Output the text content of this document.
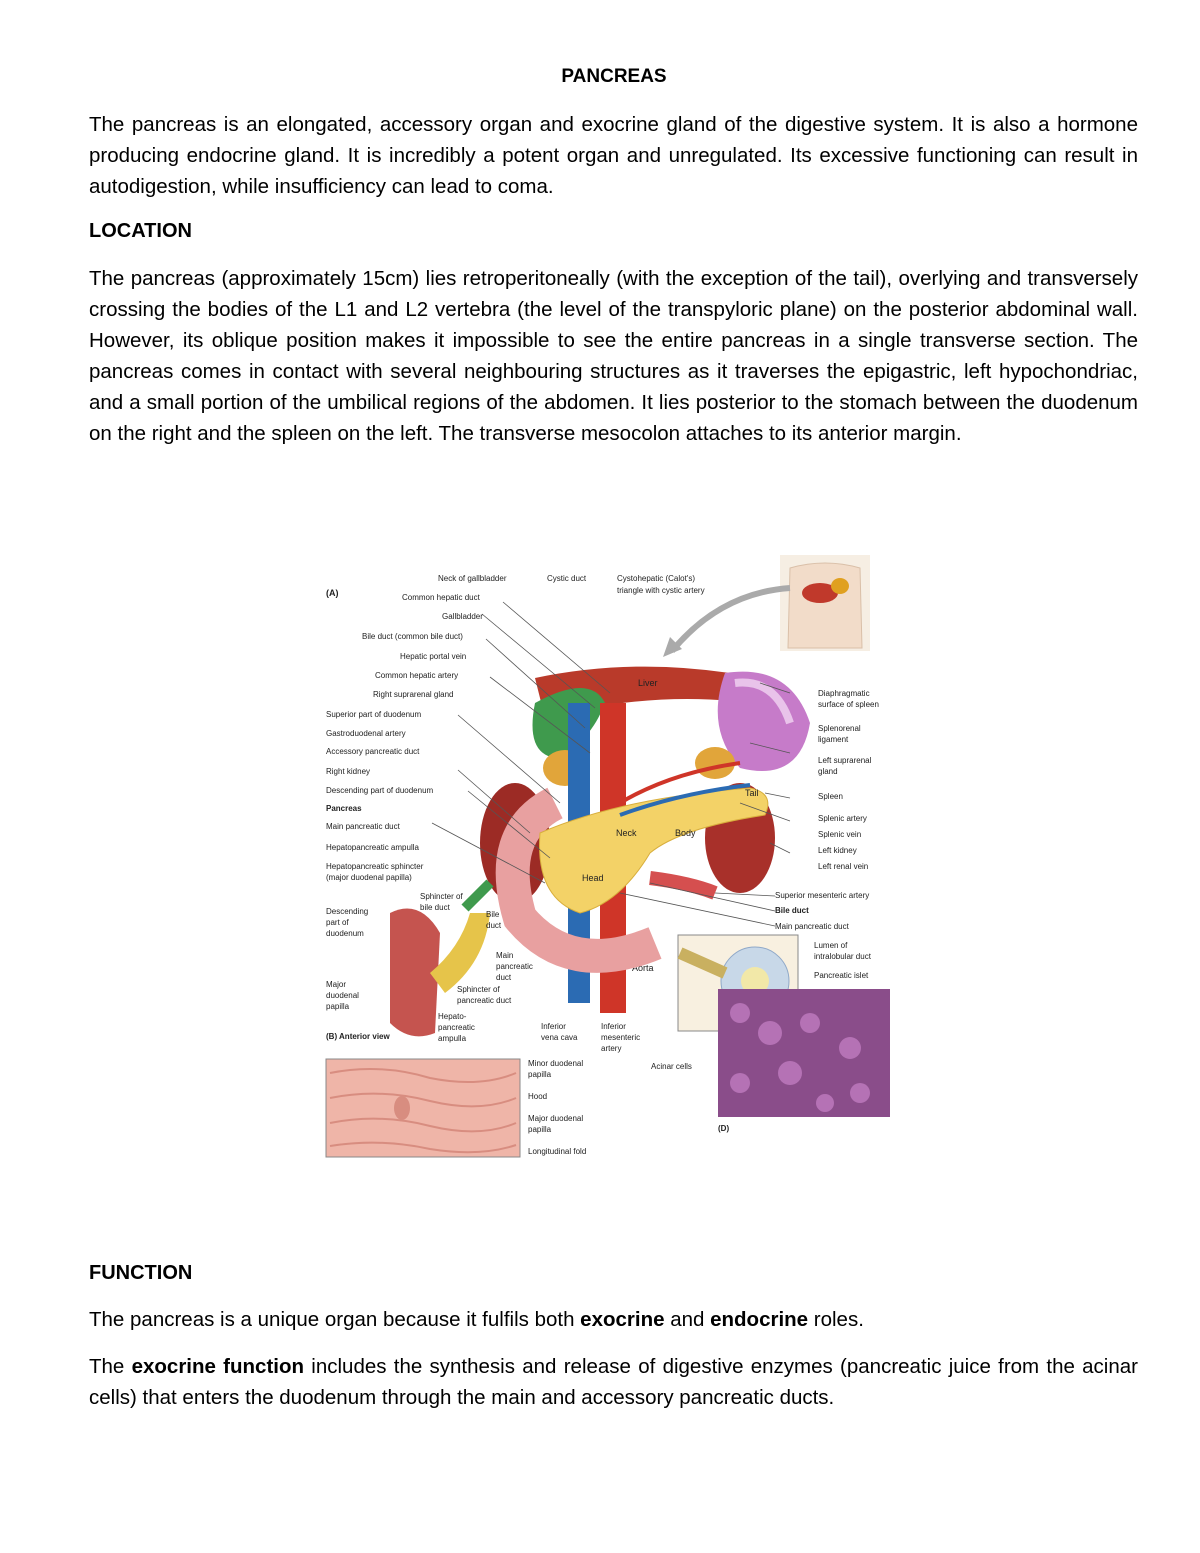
PANCREAS

The pancreas is an elongated, accessory organ and exocrine gland of the digestive system. It is also a hormone producing endocrine gland. It is incredibly a potent organ and unregulated. Its excessive functioning can result in autodigestion, while insufficiency can lead to coma.

LOCATION

The pancreas (approximately 15cm) lies retroperitoneally (with the exception of the tail), overlying and transversely crossing the bodies of the L1 and L2 vertebra (the level of the transpyloric plane) on the posterior abdominal wall. However, its oblique position makes it impossible to see the entire pancreas in a single transverse section. The pancreas comes in contact with several neighbouring structures as it traverses the epigastric, left hypochondriac, and a small portion of the umbilical regions of the abdomen. It lies posterior to the stomach between the duodenum on the right and the spleen on the left. The transverse mesocolon attaches to its anterior margin.

Liver
Aorta
Tail
Neck	Body
Head
(A)
Neck of gallbladder	Cystic duct	Cystohepatic (Calot's)
triangle with cystic artery
Common hepatic duct
Gallbladder
Bile duct (common bile duct)
Hepatic portal vein
Common hepatic artery
Right suprarenal gland
Superior part of duodenum
Gastroduodenal artery
Accessory pancreatic duct
Right kidney
Descending part of duodenum
Pancreas
Main pancreatic duct
Hepatopancreatic ampulla
Hepatopancreatic sphincter
(major duodenal papilla)
Diaphragmatic
surface of spleen
Splenorenal
ligament
Left suprarenal
gland
Spleen
Splenic artery
Splenic vein
Left kidney
Left renal vein
Superior mesenteric artery
Bile duct
Main pancreatic duct
Lumen of
intralobular duct
Pancreatic islet
Sphincter of
bile duct
Bile
duct
Descending
part of
duodenum
Main
pancreatic
duct
Sphincter of
pancreatic duct
Major
duodenal
papilla
Hepato-
pancreatic
ampulla
(B) Anterior view
Inferior
vena cava
Inferior
mesenteric
artery
Acinar cells
Minor duodenal
papilla
Hood
Major duodenal
papilla
Longitudinal fold
(D)
FUNCTION

The pancreas is a unique organ because it fulfils both exocrine and endocrine roles.

The exocrine function includes the synthesis and release of digestive enzymes (pancreatic juice from the acinar cells) that enters the duodenum through the main and accessory pancreatic ducts.
